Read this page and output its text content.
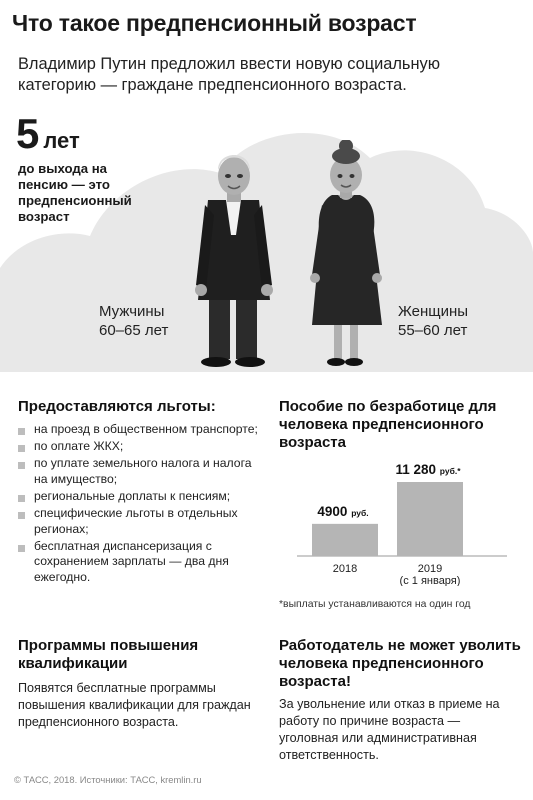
Что такое предпенсионный возраст
Владимир Путин предложил ввести новую социальную категорию — граждане предпенсионного возраста.
5 лет
до выхода на пенсию — это предпенсионный возраст
Мужчины
60–65 лет
Женщины
55–60 лет
Предоставляются льготы:
на проезд в общественном транспорте;
по оплате ЖКХ;
по уплате земельного налога и налога на имущество;
региональные доплаты к пенсиям;
специфические льготы в отдельных регионах;
бесплатная диспансеризация с сохранением зарплаты — два дня ежегодно.
Пособие по безработице для человека предпенсионного возраста
4900 руб.
2018
11 280 руб.*
2019
(с 1 января)
*выплаты устанавливаются на один год
Программы повышения квалификации
Появятся бесплатные программы повышения квалификации для граждан предпенсионного возраста.
Работодатель не может уволить человека предпенсионного возраста!
За увольнение или отказ в приеме на работу по причине возраста — уголовная или административная ответственность.
© ТАСС, 2018. Источники: ТАСС, kremlin.ru
